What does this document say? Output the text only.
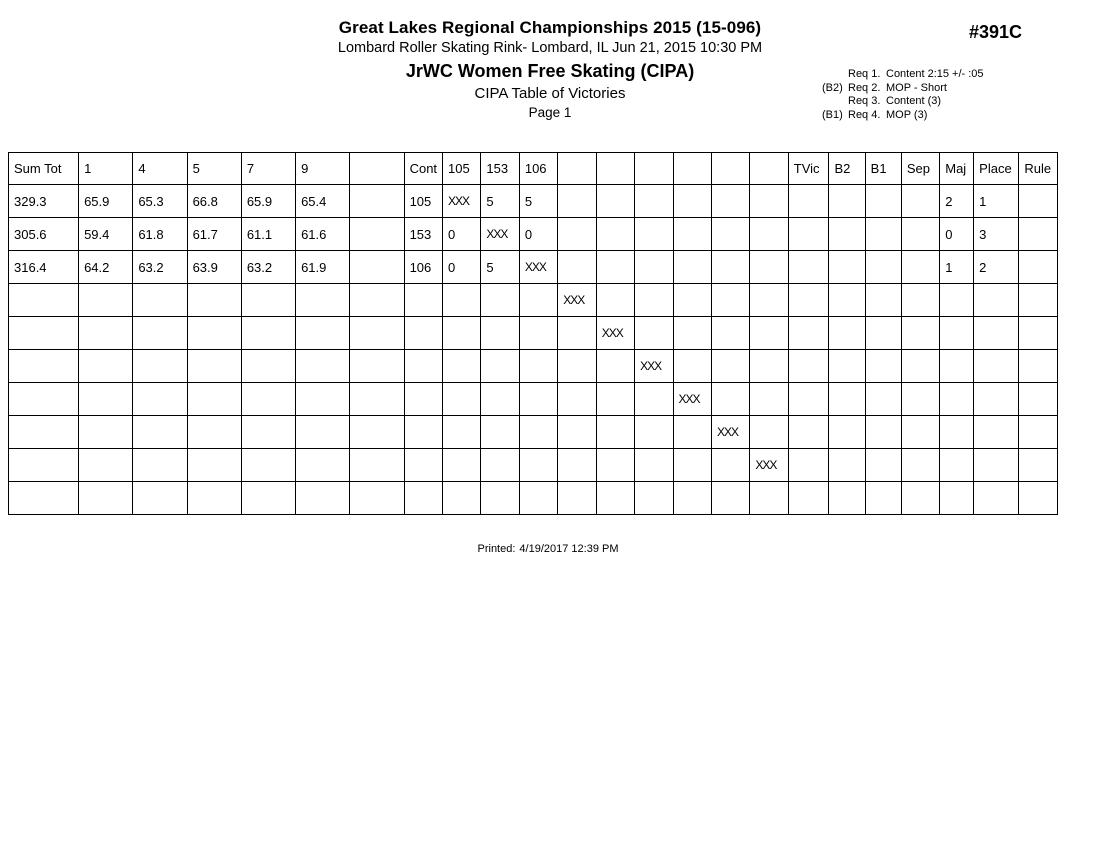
Great Lakes Regional Championships 2015 (15-096)
Lombard Roller Skating Rink- Lombard, IL Jun 21, 2015 10:30 PM
JrWC Women Free Skating (CIPA)
CIPA Table of Victories
Page 1
#391C
Req 1. Content 2:15 +/- :05
(B2) Req 2. MOP - Short
Req 3. Content (3)
(B1) Req 4. MOP (3)
Sum Tot	1	4	5	7	9		Cont	105	153	106							TVic	B2	B1	Sep	Maj	Place	Rule
329.3	65.9	65.3	66.8	65.9	65.4		105	XXX	5	5											2	1	
305.6	59.4	61.8	61.7	61.1	61.6		153	0	XXX	0											0	3	
316.4	64.2	63.2	63.9	63.2	61.9		106	0	5	XXX											1	2	
											XXX												
												XXX											
													XXX										
														XXX									
															XXX								
																XXX							

Printed: 4/19/2017 12:39 PM
